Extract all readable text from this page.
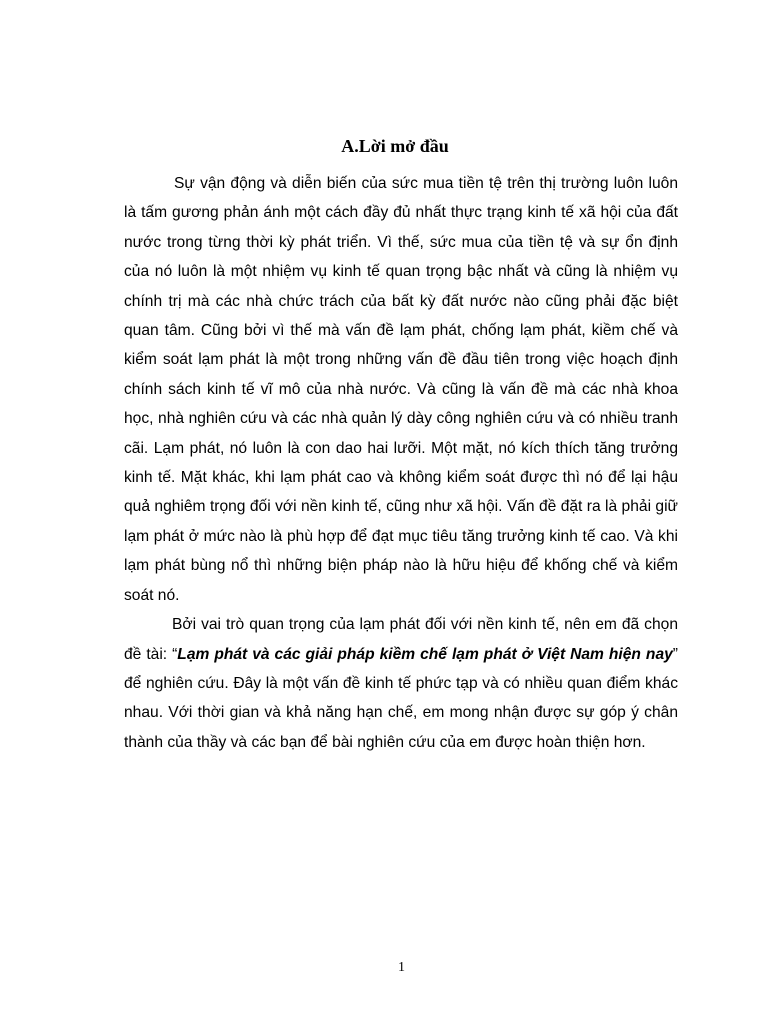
A.Lời mở đầu

Sự vận động và diễn biến của sức mua tiền tệ trên thị trường luôn luôn là tấm gương phản ánh một cách đầy đủ nhất thực trạng kinh tế xã hội của đất nước trong từng thời kỳ phát triển. Vì thế, sức mua của tiền tệ và sự ổn định của nó luôn là một nhiệm vụ kinh tế quan trọng bậc nhất và cũng là nhiệm vụ chính trị mà các nhà chức trách của bất kỳ đất nước nào cũng phải đặc biệt quan tâm. Cũng bởi vì thế mà vấn đề lạm phát, chống lạm phát, kiềm chế và kiểm soát lạm phát là một trong những vấn đề đầu tiên trong việc hoạch định chính sách kinh tế vĩ mô của nhà nước. Và cũng là vấn đề mà các nhà khoa học, nhà nghiên cứu và các nhà quản lý dày công nghiên cứu và có nhiều tranh cãi. Lạm phát, nó luôn là con dao hai lưỡi. Một mặt, nó kích thích tăng trưởng kinh tế. Mặt khác, khi lạm phát cao và không kiểm soát được thì nó để lại hậu quả nghiêm trọng đối với nền kinh tế, cũng như xã hội. Vấn đề đặt ra là phải giữ lạm phát ở mức nào là phù hợp để đạt mục tiêu tăng trưởng kinh tế cao. Và khi lạm phát bùng nổ thì những biện pháp nào là hữu hiệu để khống chế và kiểm soát nó.

Bởi vai trò quan trọng của lạm phát đối với nền kinh tế, nên em đã chọn đề tài: “Lạm phát và các giải pháp kiềm chế lạm phát ở Việt Nam hiện nay” để nghiên cứu. Đây là một vấn đề kinh tế phức tạp và có nhiều quan điểm khác nhau. Với thời gian và khả năng hạn chế, em mong nhận được sự góp ý chân thành của thầy và các bạn để bài nghiên cứu của em được hoàn thiện hơn.

1
